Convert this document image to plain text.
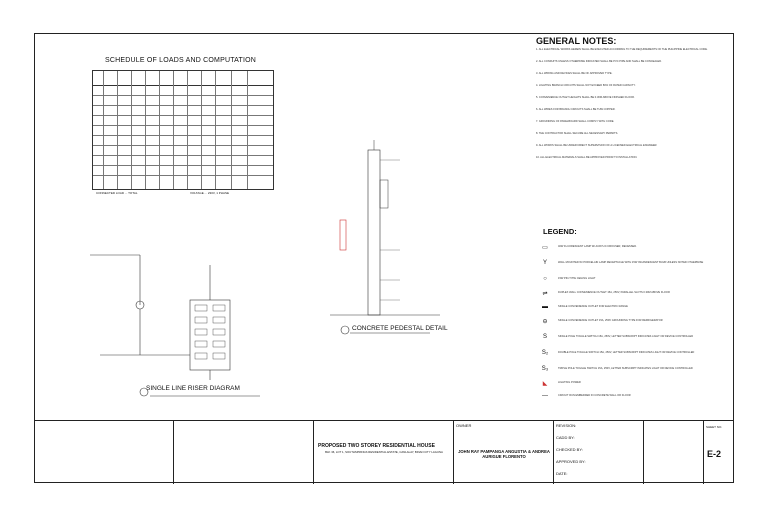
SCHEDULE OF LOADS AND COMPUTATION
CONNECTED LOAD ... TOTAL	VOLTAGE ... 230V, 1 PHASE
SINGLE LINE RISER DIAGRAM
CONCRETE PEDESTAL DETAIL
GENERAL NOTES:
1. ALL ELECTRICAL WORKS HEREIN SHALL BE EXECUTED ACCORDING TO THE REQUIREMENTS OF THE PHILIPPINE ELECTRICAL CODE.
2. ALL CONDUITS UNLESS OTHERWISE INDICATED SHALL BE PVC PIPE AND SHALL BE CONCEALED.
3. ALL WIRING AND DEVICES SHALL BE OF APPROVED TYPE.
4. LIGHTING BRANCH CIRCUITS SHALL NOT EXCEED 80% OF RATED CAPACITY.
5. CONVENIENCE OUTLET HEIGHTS SHALL BE 0.30M ABOVE FINISHED FLOOR.
6. ALL WIRES FOR BRANCH CIRCUITS SHALL BE THW COPPER.
7. GROUNDING OF PANELBOARD SHALL COMPLY WITH CODE.
8. THE CONTRACTOR SHALL SECURE ALL NECESSARY PERMITS.
9. ALL WORKS SHALL BE UNDER DIRECT SUPERVISION OF A LICENSED ELECTRICAL ENGINEER.
10. ALL ELECTRICAL MATERIALS SHALL BE APPROVED PRIOR TO INSTALLATION.
LEGEND:
▭	40W FLUORESCENT LAMP W/ ACRYLIC DIFFUSER, RECESSED.
Y	WALL MOUNTED W/ PORCELAIN LAMP RECEPTACLE WITH 15W INCANDESCENT BULB UNLESS NOTED OTHERWISE
○	15W PIN-TYPE CEILING LIGHT
⇌	DUPLEX WALL CONVENIENCE OUTLET 15A, 250V, PARALLEL SLOTS 0.30M ABOVE FLOOR
▬	SINGLE CONVENIENCE OUTLET FOR ELECTRIC RANGE
⊖	SINGLE CONVENIENCE OUTLET 15A, 250V GROUNDING TYPE FOR REFRIGERATOR
S	SINGLE POLE TOGGLE SWITCH 15A, 250V, LETTER SUBSCRIPT INDICATES LIGHT OR DEVICE CONTROLLED
S₂	DOUBLE POLE TOGGLE SWITCH 15A, 250V, LETTER SUBSCRIPT INDICATES LIGHT OR DEVICE CONTROLLED
S₃	TRIPLE POLE TOGGLE SWITCH 15A, 250V, LETTER SUBSCRIPT INDICATES LIGHT OR DEVICE CONTROLLED
◣	LIGHTING POWER
—	CIRCUIT RUN EMBEDDED IN CONCRETE WALL OR FLOOR
PROPOSED TWO STOREY RESIDENTIAL HOUSE
BLK 36, LOT 1, SOUTHSPRINGS RESIDENTIAL ESTATE, CANLALAY, BINAN CITY LAGUNA
OWNER
JOHN RAY PAMPANGA ANGUSTIA & ANDREA AURIGUE FLORENTO
REVISION:
CADD BY:
CHECKED BY:
APPROVED BY:
DATE:
SHEET NO.
E-2
